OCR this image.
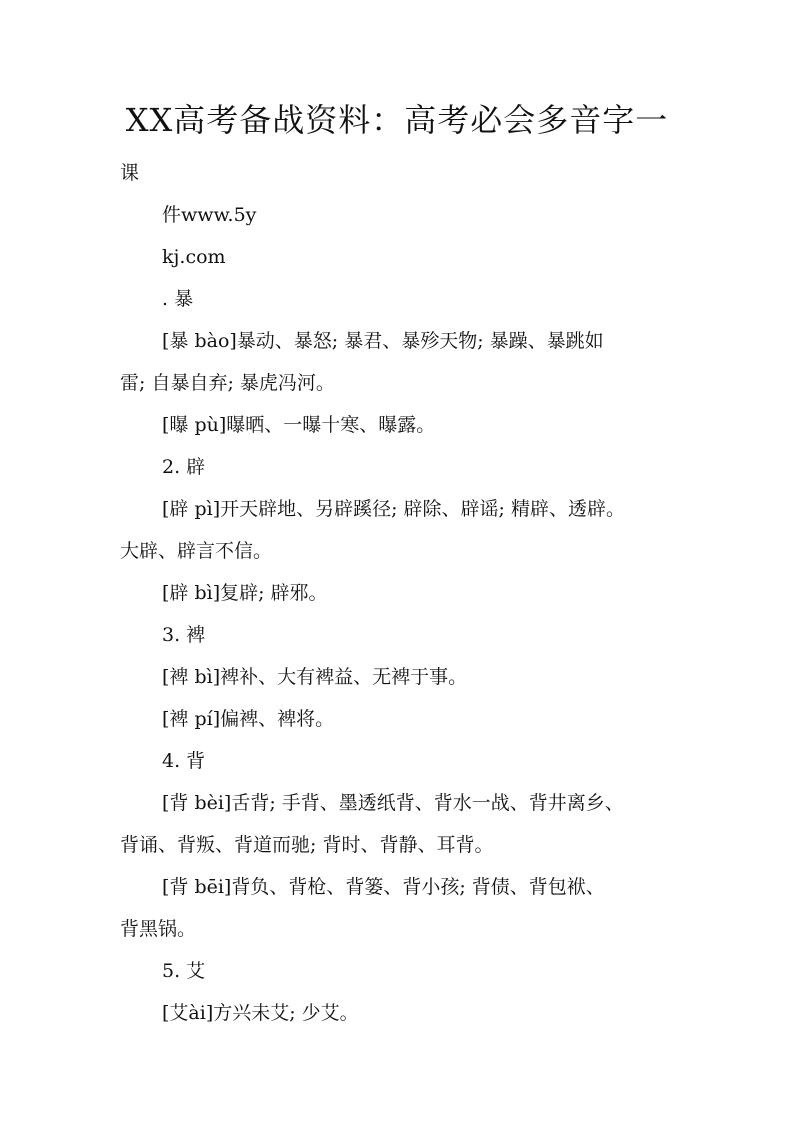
XX高考备战资料：高考必会多音字一
课
件www.5y
kj.com
. 暴
[暴 bào]暴动、暴怒; 暴君、暴殄天物; 暴躁、暴跳如
雷; 自暴自弃; 暴虎冯河。
[曝 pù]曝晒、一曝十寒、曝露。
2. 辟
[辟 pì]开天辟地、另辟蹊径; 辟除、辟谣; 精辟、透辟。
大辟、辟言不信。
[辟 bì]复辟; 辟邪。
3. 裨
[裨 bì]裨补、大有裨益、无裨于事。
[裨 pí]偏裨、裨将。
4. 背
[背 bèi]舌背; 手背、墨透纸背、背水一战、背井离乡、
背诵、背叛、背道而驰; 背时、背静、耳背。
[背 bēi]背负、背枪、背篓、背小孩; 背债、背包袱、
背黑锅。
5. 艾
[艾ài]方兴未艾; 少艾。
